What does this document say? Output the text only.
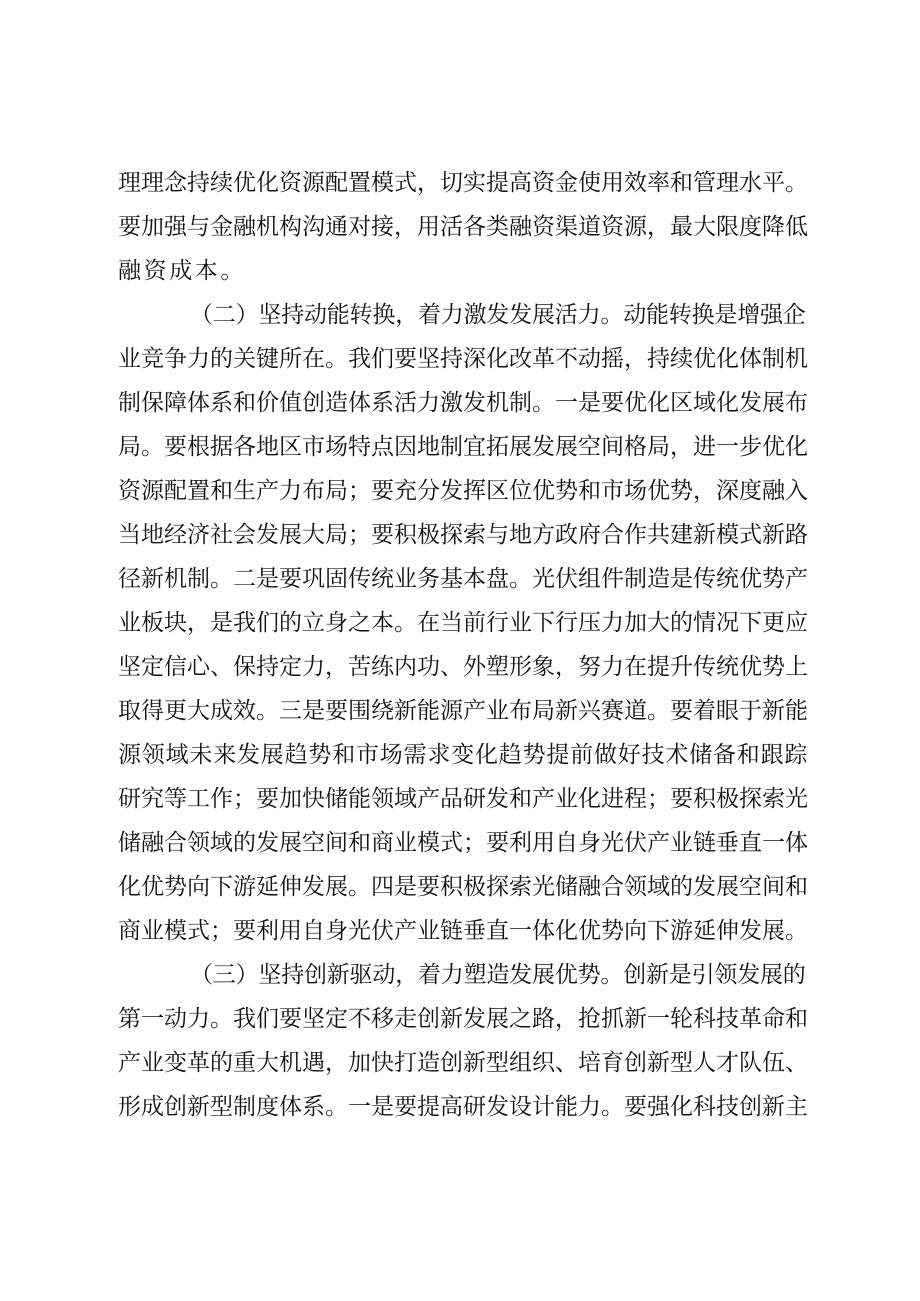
理理念持续优化资源配置模式，切实提高资金使用效率和管理水平。
要加强与金融机构沟通对接，用活各类融资渠道资源，最大限度降低
融资成本。
（二）坚持动能转换，着力激发发展活力。动能转换是增强企
业竞争力的关键所在。我们要坚持深化改革不动摇，持续优化体制机
制保障体系和价值创造体系活力激发机制。一是要优化区域化发展布
局。要根据各地区市场特点因地制宜拓展发展空间格局，进一步优化
资源配置和生产力布局；要充分发挥区位优势和市场优势，深度融入
当地经济社会发展大局；要积极探索与地方政府合作共建新模式新路
径新机制。二是要巩固传统业务基本盘。光伏组件制造是传统优势产
业板块，是我们的立身之本。在当前行业下行压力加大的情况下更应
坚定信心、保持定力，苦练内功、外塑形象，努力在提升传统优势上
取得更大成效。三是要围绕新能源产业布局新兴赛道。要着眼于新能
源领域未来发展趋势和市场需求变化趋势提前做好技术储备和跟踪
研究等工作；要加快储能领域产品研发和产业化进程；要积极探索光
储融合领域的发展空间和商业模式；要利用自身光伏产业链垂直一体
化优势向下游延伸发展。四是要积极探索光储融合领域的发展空间和
商业模式；要利用自身光伏产业链垂直一体化优势向下游延伸发展。
（三）坚持创新驱动，着力塑造发展优势。创新是引领发展的
第一动力。我们要坚定不移走创新发展之路，抢抓新一轮科技革命和
产业变革的重大机遇，加快打造创新型组织、培育创新型人才队伍、
形成创新型制度体系。一是要提高研发设计能力。要强化科技创新主
